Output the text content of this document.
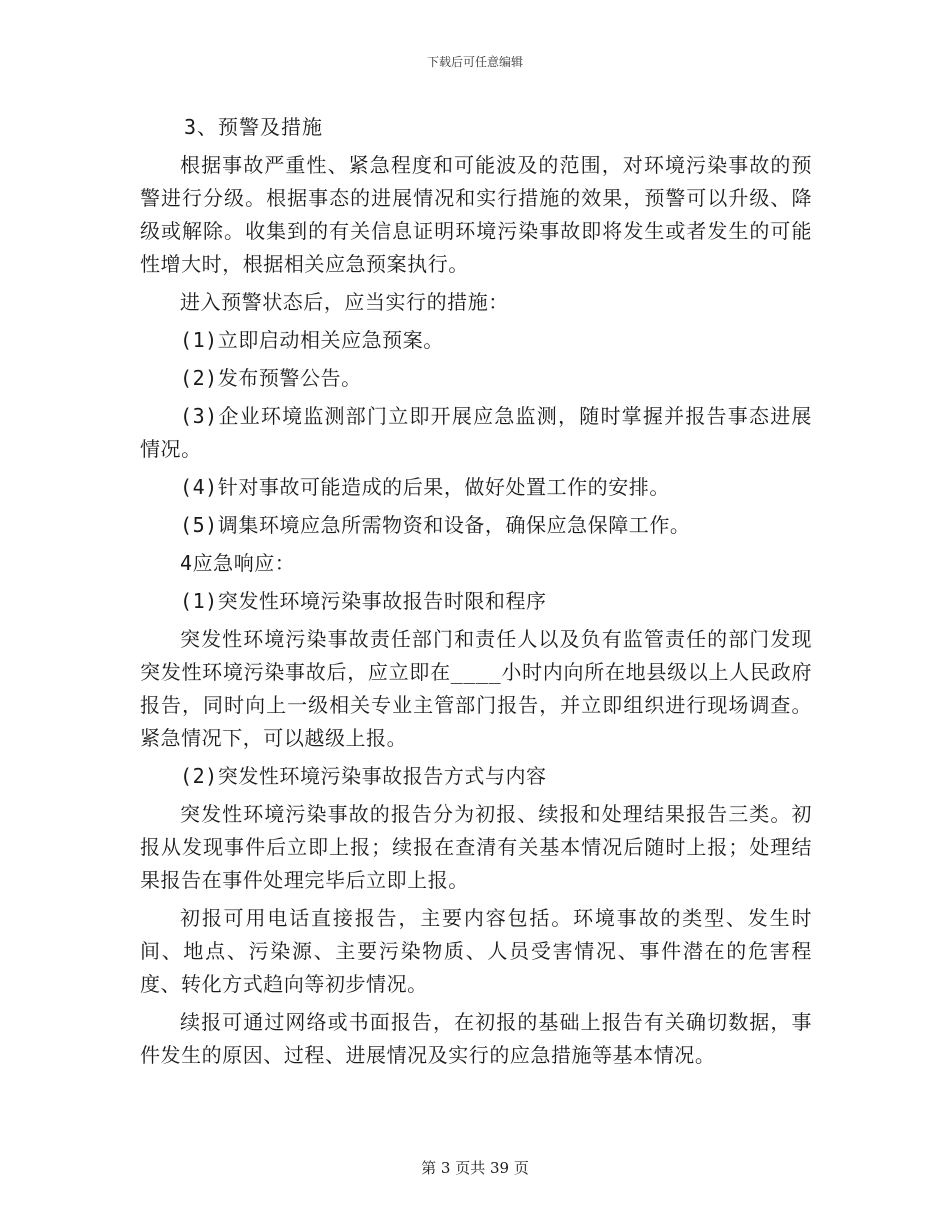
下载后可任意编辑

3、预警及措施

根据事故严重性、紧急程度和可能波及的范围，对环境污染事故的预警进行分级。根据事态的进展情况和实行措施的效果，预警可以升级、降级或解除。收集到的有关信息证明环境污染事故即将发生或者发生的可能性增大时，根据相关应急预案执行。

进入预警状态后，应当实行的措施：

(1)立即启动相关应急预案。

(2)发布预警公告。

(3)企业环境监测部门立即开展应急监测，随时掌握并报告事态进展情况。

(4)针对事故可能造成的后果，做好处置工作的安排。

(5)调集环境应急所需物资和设备，确保应急保障工作。

4应急响应：

(1)突发性环境污染事故报告时限和程序

突发性环境污染事故责任部门和责任人以及负有监管责任的部门发现突发性环境污染事故后，应立即在____小时内向所在地县级以上人民政府报告，同时向上一级相关专业主管部门报告，并立即组织进行现场调查。紧急情况下，可以越级上报。

(2)突发性环境污染事故报告方式与内容

突发性环境污染事故的报告分为初报、续报和处理结果报告三类。初报从发现事件后立即上报；续报在查清有关基本情况后随时上报；处理结果报告在事件处理完毕后立即上报。

初报可用电话直接报告，主要内容包括。环境事故的类型、发生时间、地点、污染源、主要污染物质、人员受害情况、事件潜在的危害程度、转化方式趋向等初步情况。

续报可通过网络或书面报告，在初报的基础上报告有关确切数据，事件发生的原因、过程、进展情况及实行的应急措施等基本情况。

第 3 页共 39 页
